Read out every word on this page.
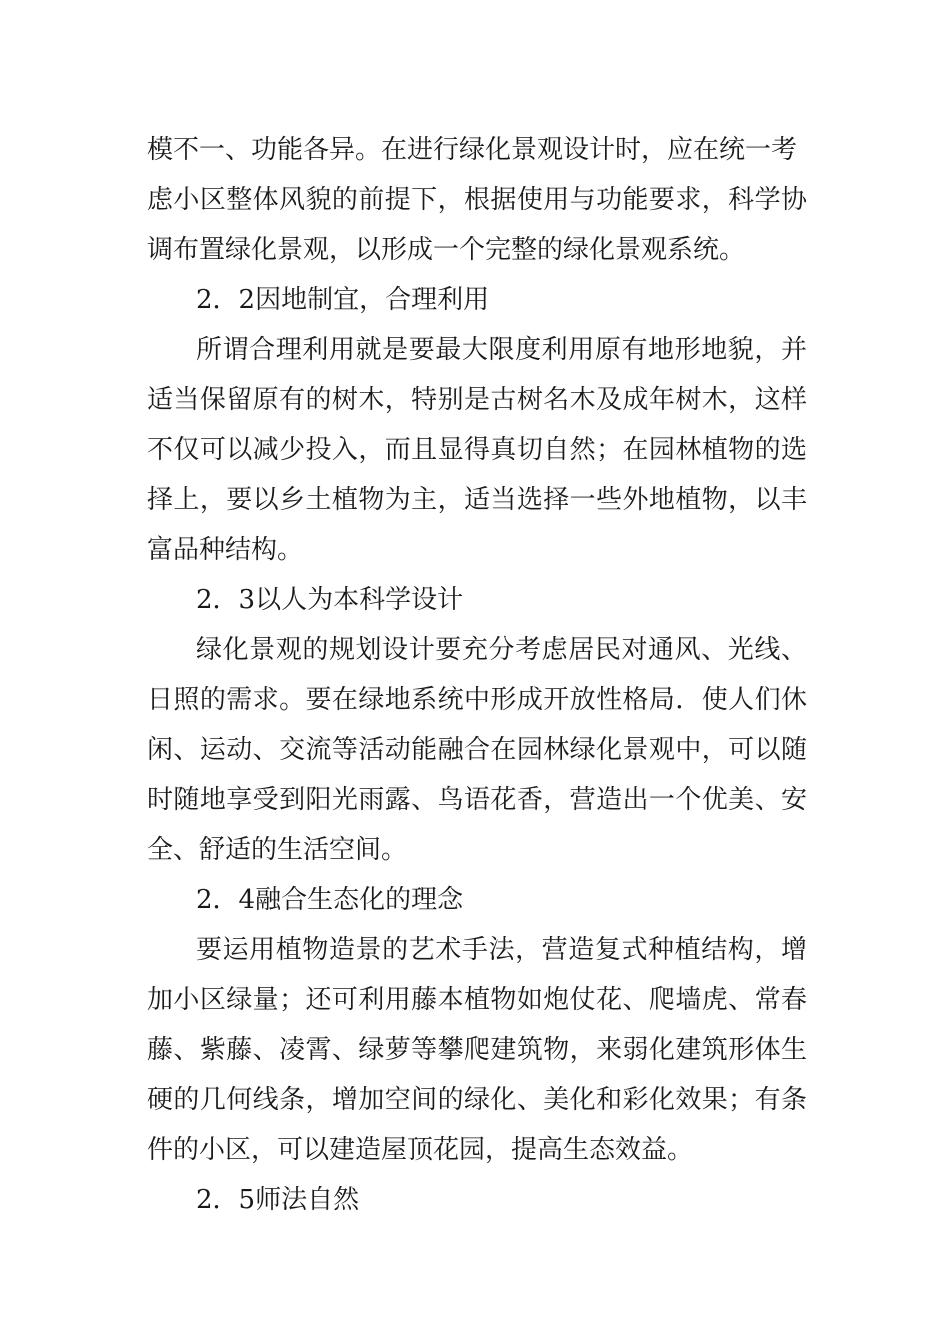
模不一、功能各异。在进行绿化景观设计时，应在统一考
虑小区整体风貌的前提下，根据使用与功能要求，科学协
调布置绿化景观，以形成一个完整的绿化景观系统。
2．2因地制宜，合理利用
所谓合理利用就是要最大限度利用原有地形地貌，并
适当保留原有的树木，特别是古树名木及成年树木，这样
不仅可以减少投入，而且显得真切自然；在园林植物的选
择上，要以乡土植物为主，适当选择一些外地植物，以丰
富品种结构。
2．3以人为本科学设计
绿化景观的规划设计要充分考虑居民对通风、光线、
日照的需求。要在绿地系统中形成开放性格局．使人们休
闲、运动、交流等活动能融合在园林绿化景观中，可以随
时随地享受到阳光雨露、鸟语花香，营造出一个优美、安
全、舒适的生活空间。
2．4融合生态化的理念
要运用植物造景的艺术手法，营造复式种植结构，增
加小区绿量；还可利用藤本植物如炮仗花、爬墙虎、常春
藤、紫藤、凌霄、绿萝等攀爬建筑物，来弱化建筑形体生
硬的几何线条，增加空间的绿化、美化和彩化效果；有条
件的小区，可以建造屋顶花园，提高生态效益。
2．5师法自然
